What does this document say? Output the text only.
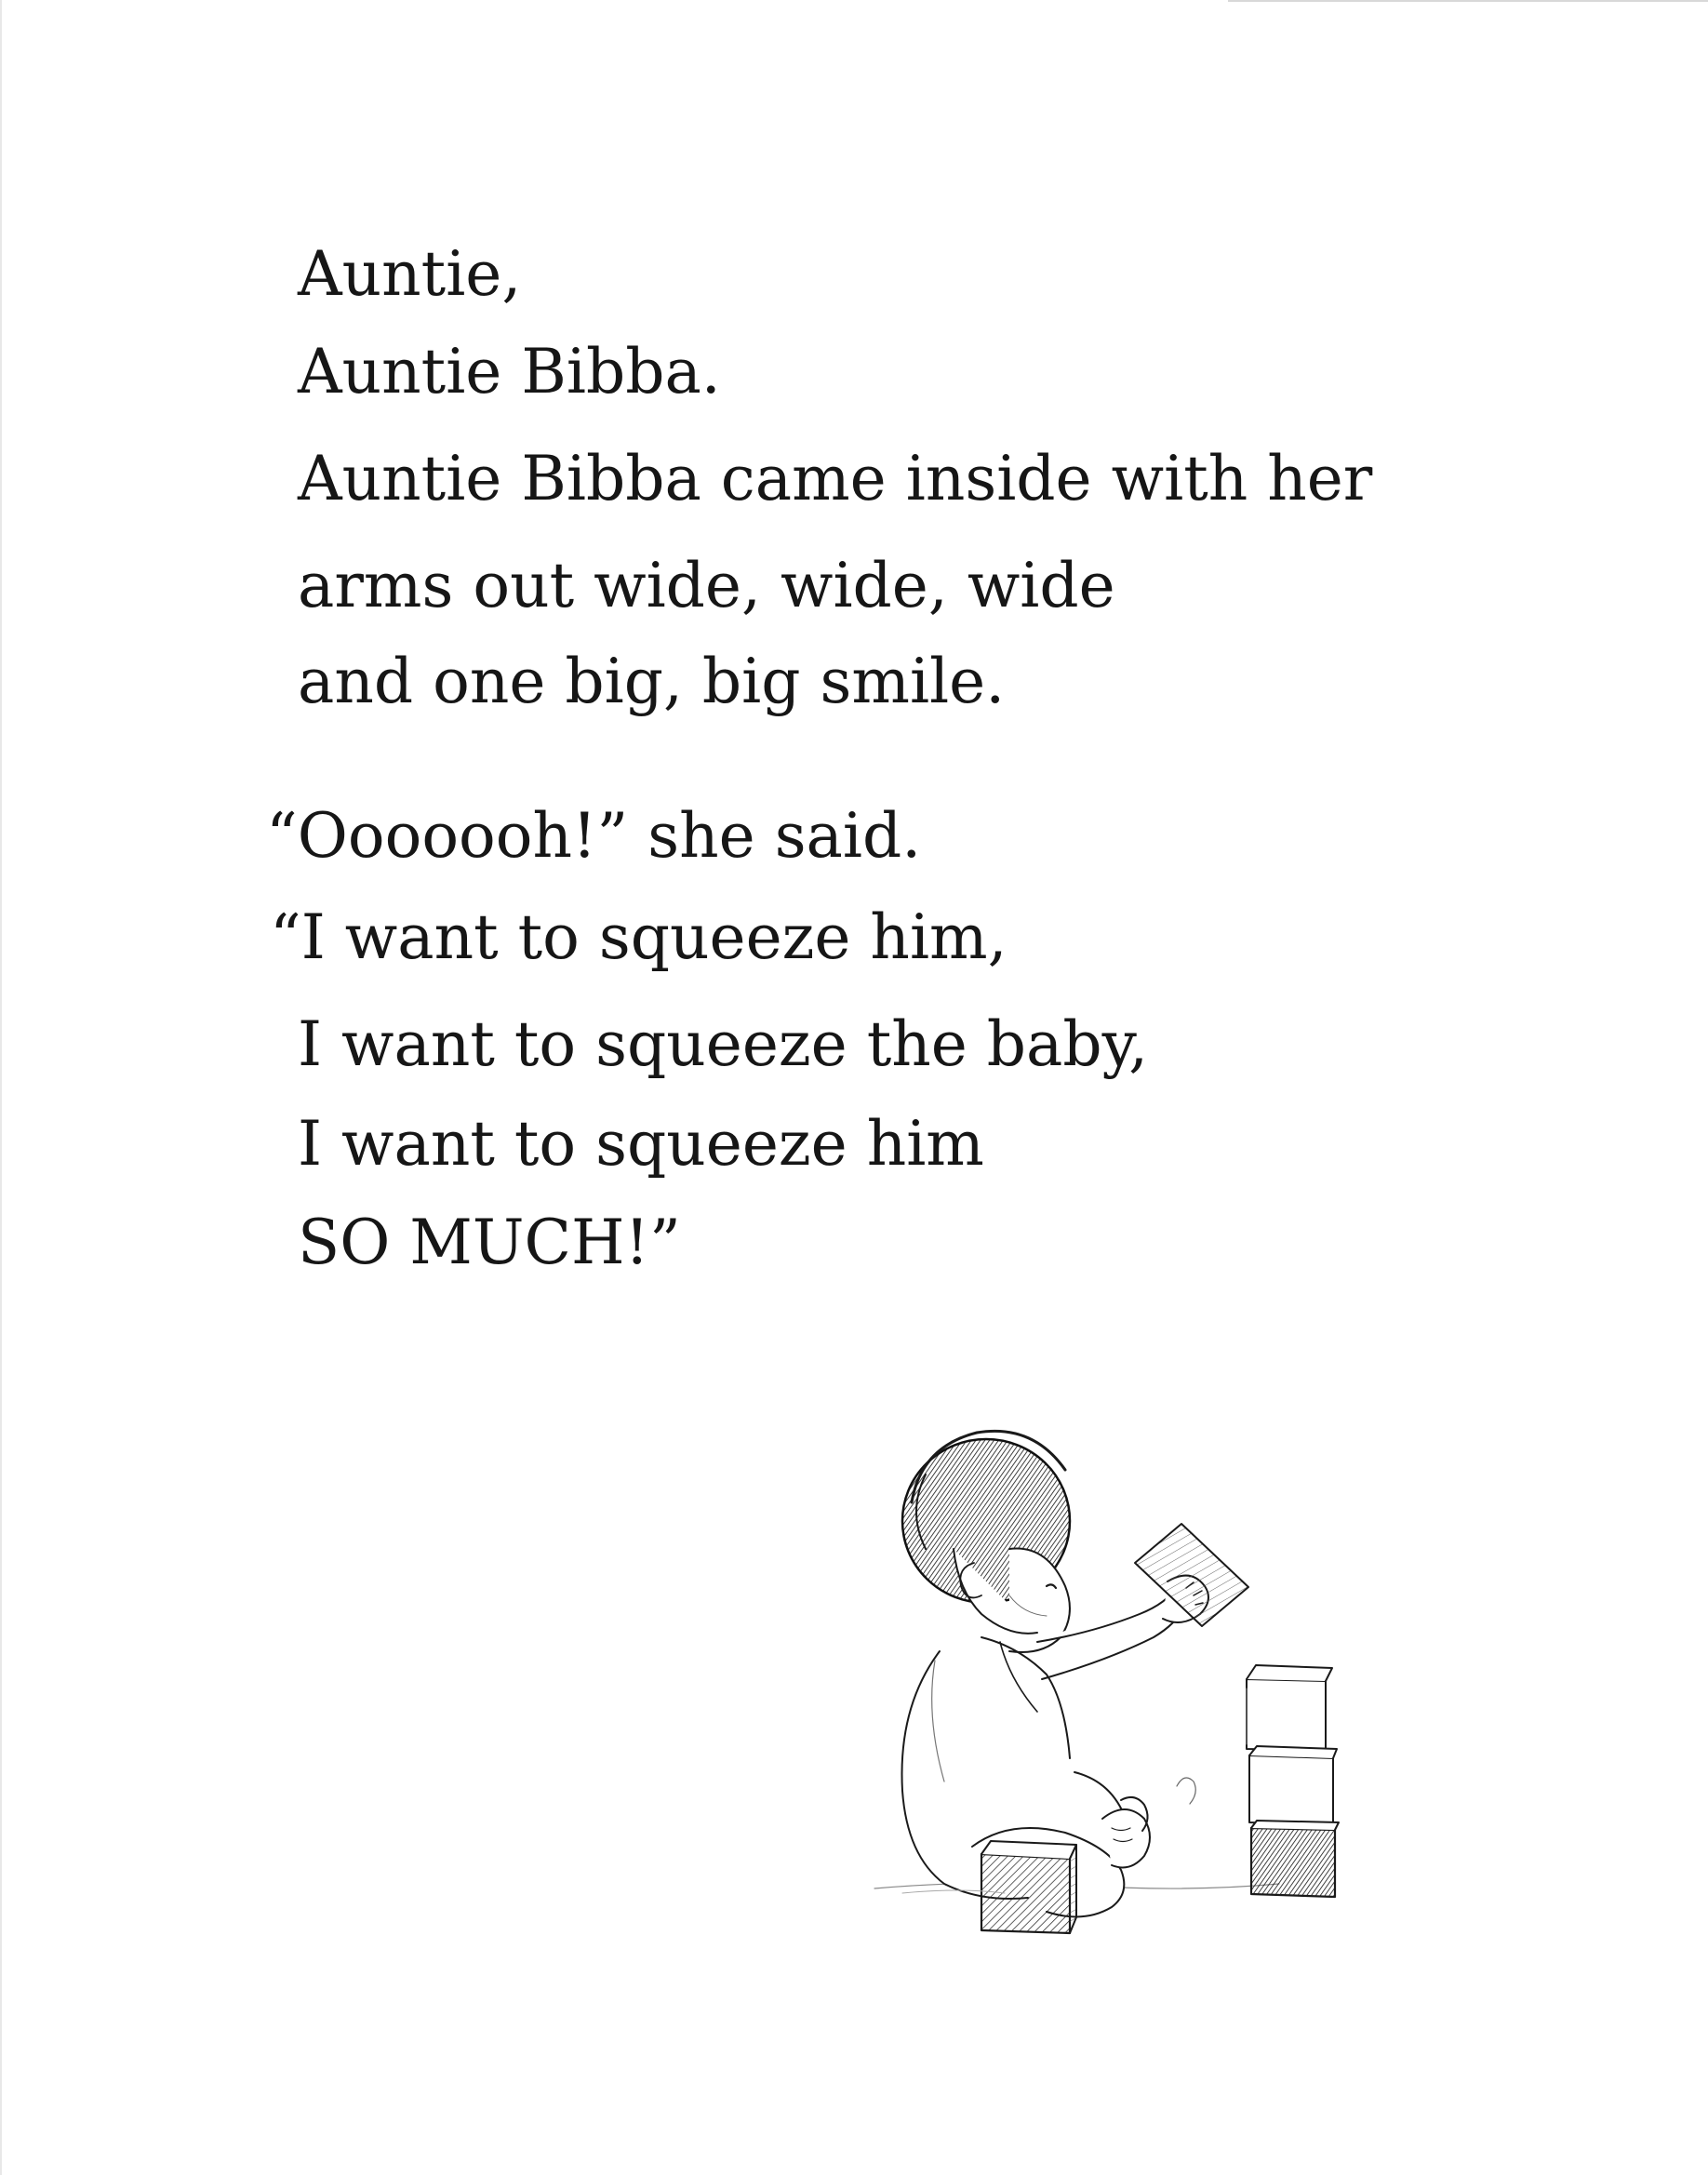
Auntie,
Auntie Bibba.
Auntie Bibba came inside with her
arms out wide, wide, wide
and one big, big smile.
“Ooooooh!” she said.
“I want to squeeze him,
I want to squeeze the baby,
I want to squeeze him
SO MUCH!”
